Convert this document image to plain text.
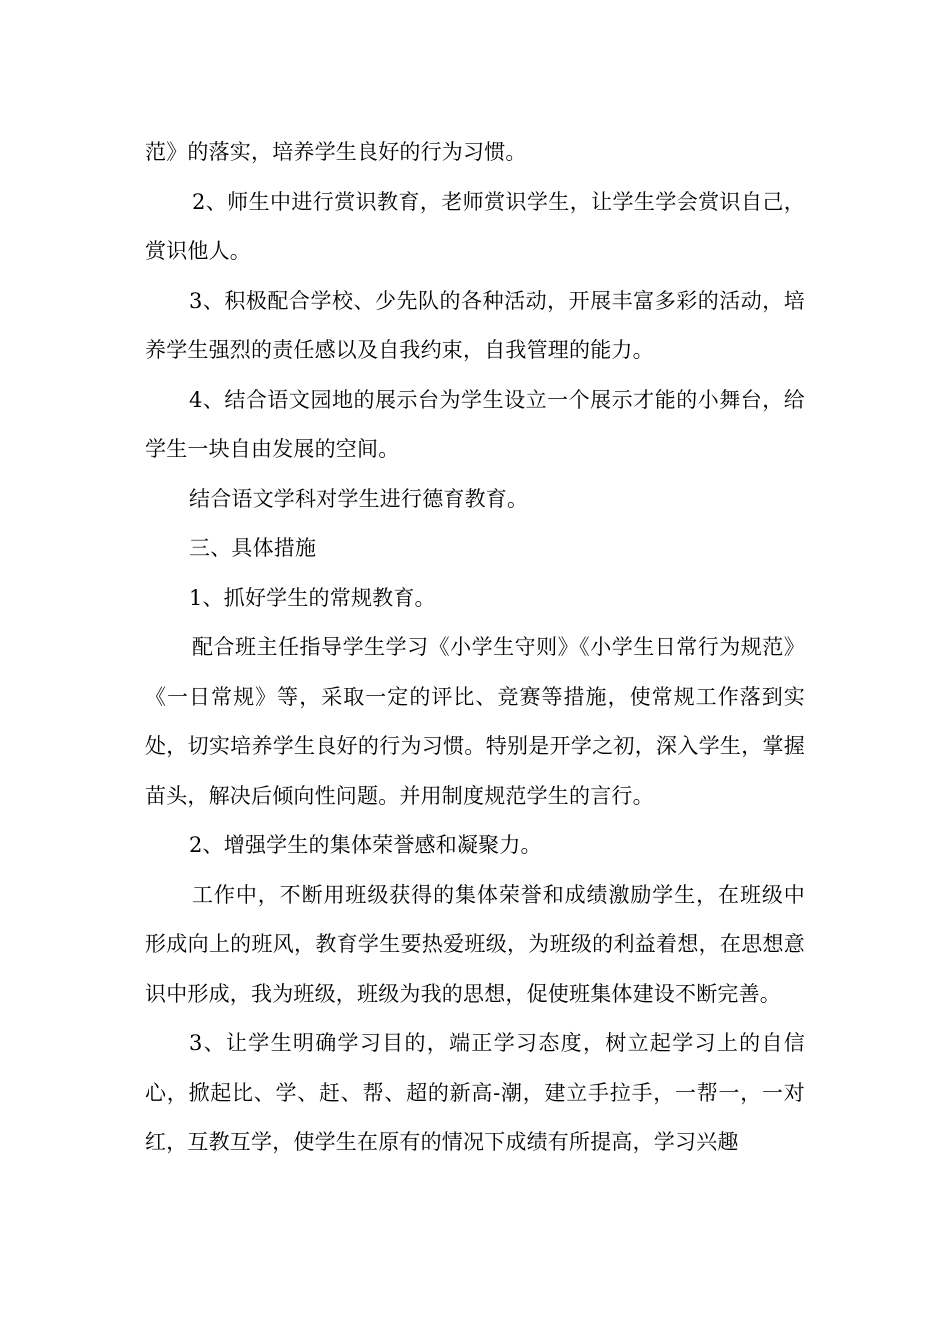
范》的落实，培养学生良好的行为习惯。

2、师生中进行赏识教育，老师赏识学生，让学生学会赏识自己，赏识他人。

3、积极配合学校、少先队的各种活动，开展丰富多彩的活动，培养学生强烈的责任感以及自我约束，自我管理的能力。

4、结合语文园地的展示台为学生设立一个展示才能的小舞台，给学生一块自由发展的空间。

结合语文学科对学生进行德育教育。

三、具体措施

1、抓好学生的常规教育。

配合班主任指导学生学习《小学生守则》《小学生日常行为规范》《一日常规》等，采取一定的评比、竞赛等措施，使常规工作落到实处，切实培养学生良好的行为习惯。特别是开学之初，深入学生，掌握苗头，解决后倾向性问题。并用制度规范学生的言行。

2、增强学生的集体荣誉感和凝聚力。

工作中，不断用班级获得的集体荣誉和成绩激励学生，在班级中形成向上的班风，教育学生要热爱班级，为班级的利益着想，在思想意识中形成，我为班级，班级为我的思想，促使班集体建设不断完善。

3、让学生明确学习目的，端正学习态度，树立起学习上的自信心，掀起比、学、赶、帮、超的新高-潮，建立手拉手，一帮一，一对红，互教互学，使学生在原有的情况下成绩有所提高，学习兴趣
